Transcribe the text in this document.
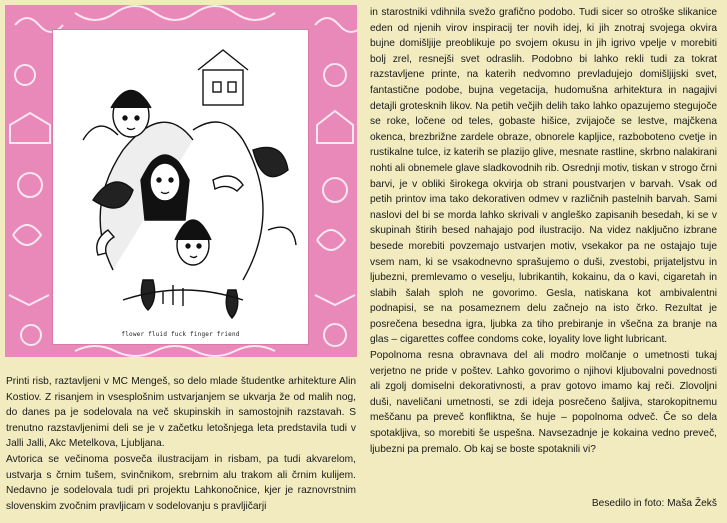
flower fluid fuck finger friend

Printi risb, raztavljeni v MC Mengeš, so delo mlade študentke arhitekture Alin Kostiov. Z risanjem in vsesplošnim ustvarjanjem se ukvarja že od malih nog, do danes pa je sodelovala na več skupinskih in samostojnih razstavah. S trenutno razstavljenimi deli se je v začetku letošnjega leta predstavila tudi v Jalli Jalli, Akc Metelkova, Ljubljana.

Avtorica se večinoma posveča ilustracijam in risbam, pa tudi akvarelom, ustvarja s črnim tušem, svinčnikom, srebrnim alu trakom ali črnim kulijem. Nedavno je sodelovala tudi pri projektu Lahkonočnice, kjer je raznovrstnim slovenskim zvočnim pravljicam v sodelovanju s pravljičarji

in starostniki vdihnila svežo grafično podobo. Tudi sicer so otroške slikanice eden od njenih virov inspiracij ter novih idej, ki jih znotraj svojega okvira bujne domišljije preoblikuje po svojem okusu in jih igrivo vpelje v morebiti bolj zrel, resnejši svet odraslih. Podobno bi lahko rekli tudi za tokrat razstavljene printe, na katerih nedvomno prevladujejo domišljijski svet, fantastične podobe, bujna vegetacija, hudomušna arhitektura in nagajivi detajli grotesknih likov. Na petih večjih delih tako lahko opazujemo stegujoče se roke, ločene od teles, gobaste hišice, zvijajoče se lestve, majčkena okenca, brezbrižne zardele obraze, obnorele kapljice, razboboteno cvetje in rustikalne tulce, iz katerih se plazijo glive, mesnate rastline, skrbno nalakirani nohti ali obnemele glave sladkovodnih rib. Osrednji motiv, tiskan v strogo črni barvi, je v obliki širokega okvirja ob strani poustvarjen v barvah. Vsak od petih printov ima tako dekorativen odmev v različnih pastelnih barvah. Sami naslovi del bi se morda lahko skrivali v angleško zapisanih besedah, ki se v skupinah štirih besed nahajajo pod ilustracijo. Na videz naključno izbrane besede morebiti povzemajo ustvarjen motiv, vsekakor pa ne ostajajo tuje vsem nam, ki se vsakodnevno sprašujemo o duši, zvestobi, prijateljstvu in ljubezni, premlevamo o veselju, lubrikantih, kokainu, da o kavi, cigaretah in slabih šalah sploh ne govorimo. Gesla, natiskana kot ambivalentni podnapisi, se na posameznem delu začnejo na isto črko. Rezultat je posrečena besedna igra, ljubka za tiho prebiranje in všečna za branje na glas – cigarettes coffee condoms coke, loyality love light lubricant.

Popolnoma resna obravnava del ali modro molčanje o umetnosti tukaj verjetno ne pride v poštev. Lahko govorimo o njihovi kljubovalni povednosti ali zgolj domiselni dekorativnosti, a prav gotovo imamo kaj reči. Zlovoljni duši, naveličani umetnosti, se zdi ideja posrečeno šaljiva, starokopitnemu meščanu pa preveč konfliktna, še huje – popolnoma odveč. Če so dela spotakljiva, so morebiti še uspešna. Navsezadnje je kokaina vedno preveč, ljubezni pa premalo. Ob kaj se boste spotaknili vi?

Besedilo in foto: Maša Žekš
